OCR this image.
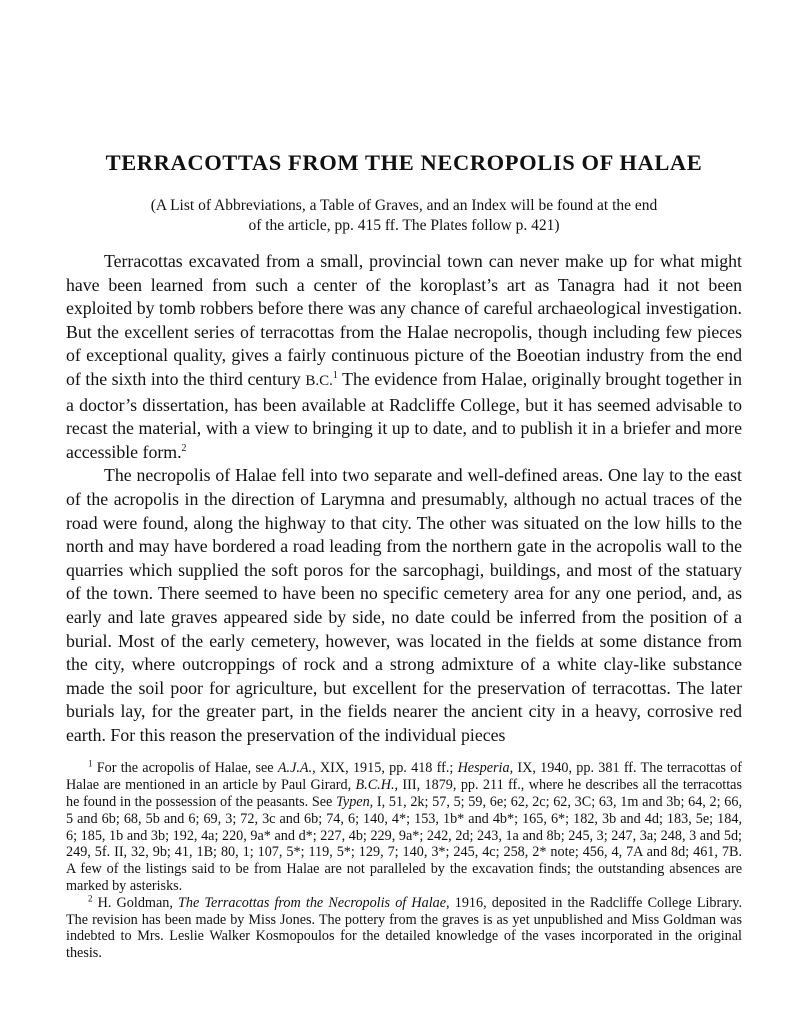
TERRACOTTAS FROM THE NECROPOLIS OF HALAE
(A List of Abbreviations, a Table of Graves, and an Index will be found at the end
of the article, pp. 415 ff. The Plates follow p. 421)

Terracottas excavated from a small, provincial town can never make up for what might have been learned from such a center of the koroplast’s art as Tanagra had it not been exploited by tomb robbers before there was any chance of careful archaeological investigation. But the excellent series of terracottas from the Halae necropolis, though including few pieces of exceptional quality, gives a fairly continuous picture of the Boeotian industry from the end of the sixth into the third century B.C.$^1$ The evidence from Halae, originally brought together in a doctor’s dissertation, has been available at Radcliffe College, but it has seemed advisable to recast the material, with a view to bringing it up to date, and to publish it in a briefer and more accessible form.$^2$

The necropolis of Halae fell into two separate and well-defined areas. One lay to the east of the acropolis in the direction of Larymna and presumably, although no actual traces of the road were found, along the highway to that city. The other was situated on the low hills to the north and may have bordered a road leading from the northern gate in the acropolis wall to the quarries which supplied the soft poros for the sarcophagi, buildings, and most of the statuary of the town. There seemed to have been no specific cemetery area for any one period, and, as early and late graves appeared side by side, no date could be inferred from the position of a burial. Most of the early cemetery, however, was located in the fields at some distance from the city, where outcroppings of rock and a strong admixture of a white clay-like substance made the soil poor for agriculture, but excellent for the preservation of terracottas. The later burials lay, for the greater part, in the fields nearer the ancient city in a heavy, corrosive red earth. For this reason the preservation of the individual pieces

$^1$ For the acropolis of Halae, see A.J.A., XIX, 1915, pp. 418 ff.; Hesperia, IX, 1940, pp. 381 ff. The terracottas of Halae are mentioned in an article by Paul Girard, B.C.H., III, 1879, pp. 211 ff., where he describes all the terracottas he found in the possession of the peasants. See Typen, I, 51, 2k; 57, 5; 59, 6e; 62, 2c; 62, 3C; 63, 1m and 3b; 64, 2; 66, 5 and 6b; 68, 5b and 6; 69, 3; 72, 3c and 6b; 74, 6; 140, 4*; 153, 1b* and 4b*; 165, 6*; 182, 3b and 4d; 183, 5e; 184, 6; 185, 1b and 3b; 192, 4a; 220, 9a* and d*; 227, 4b; 229, 9a*; 242, 2d; 243, 1a and 8b; 245, 3; 247, 3a; 248, 3 and 5d; 249, 5f. II, 32, 9b; 41, 1B; 80, 1; 107, 5*; 119, 5*; 129, 7; 140, 3*; 245, 4c; 258, 2* note; 456, 4, 7A and 8d; 461, 7B. A few of the listings said to be from Halae are not paralleled by the excavation finds; the outstanding absences are marked by asterisks.

$^2$ H. Goldman, The Terracottas from the Necropolis of Halae, 1916, deposited in the Radcliffe College Library. The revision has been made by Miss Jones. The pottery from the graves is as yet unpublished and Miss Goldman was indebted to Mrs. Leslie Walker Kosmopoulos for the detailed knowledge of the vases incorporated in the original thesis.
